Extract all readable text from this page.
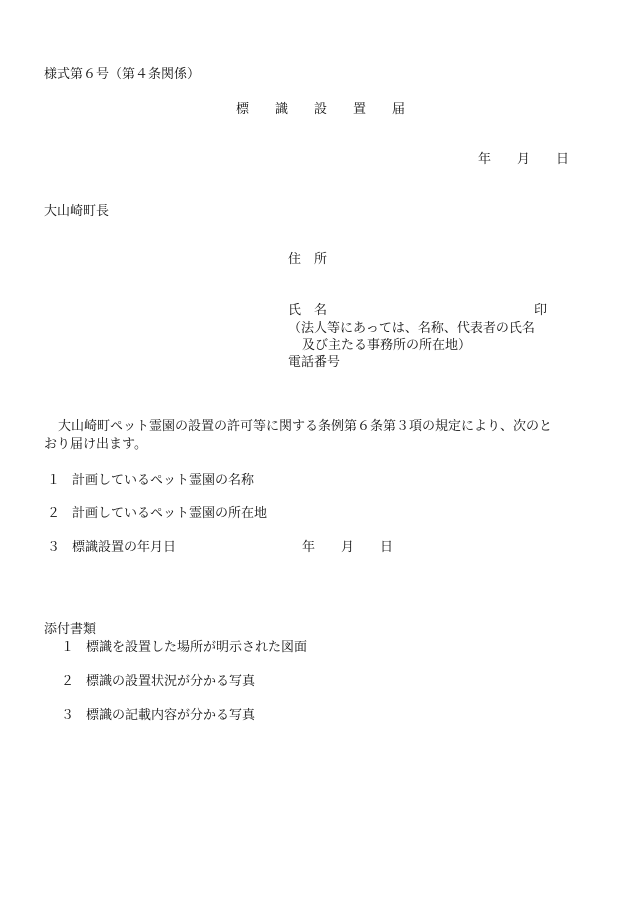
様式第６号（第４条関係）
標　　識　　設　　置　　届
年　　月　　日
大山崎町長
住　所
氏　名	印
（法人等にあっては、名称、代表者の氏名
及び主たる事務所の所在地）
電話番号
大山崎町ペット霊園の設置の許可等に関する条例第６条第３項の規定により、次のと
おり届け出ます。
１ 計画しているペット霊園の名称
２ 計画しているペット霊園の所在地
３ 標識設置の年月日	年　　月　　日
添付書類
１ 標識を設置した場所が明示された図面
２ 標識の設置状況が分かる写真
３ 標識の記載内容が分かる写真
